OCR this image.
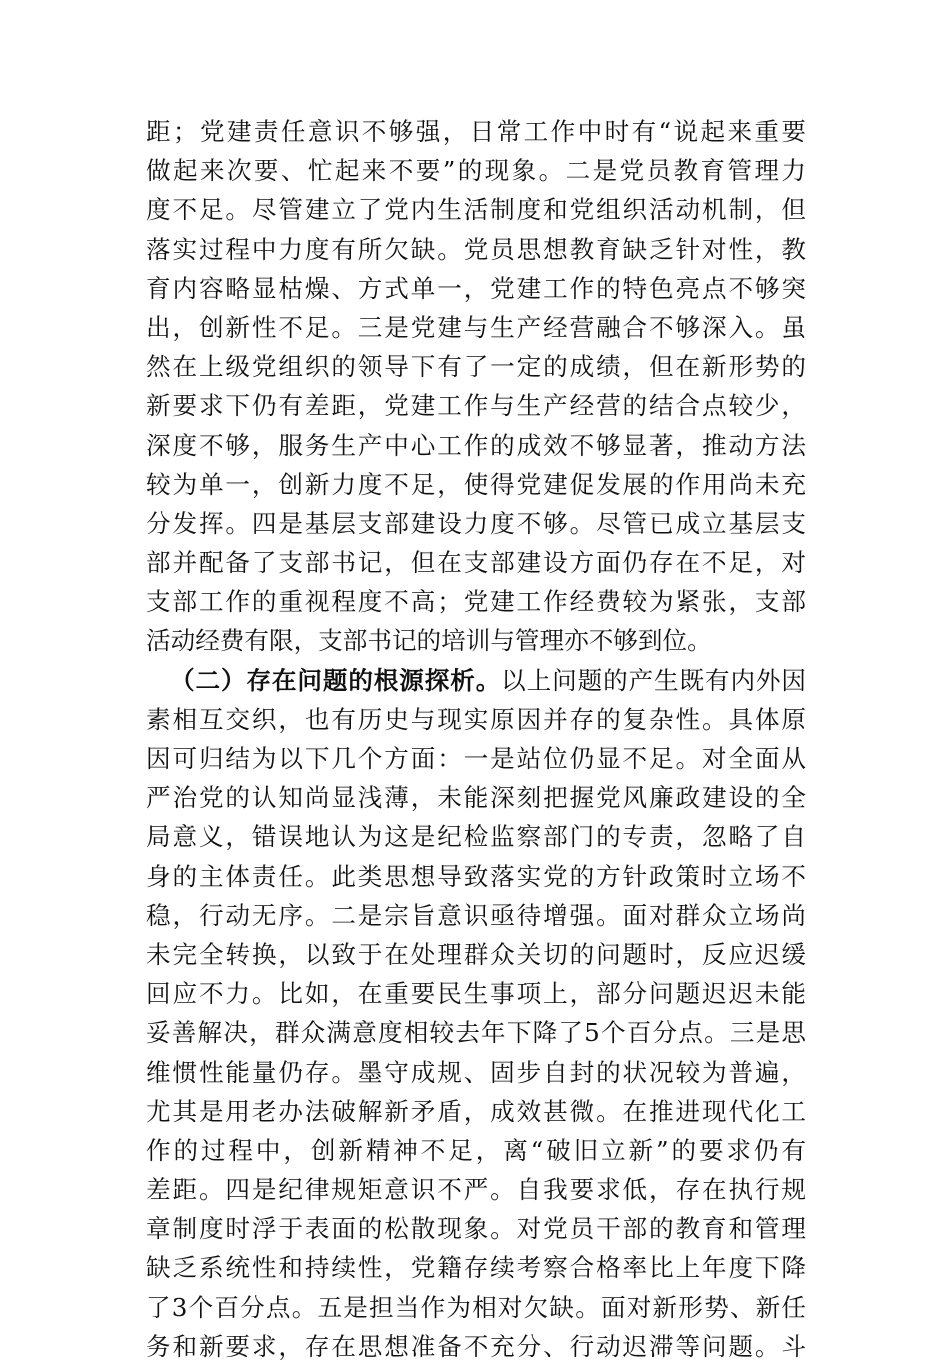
距；党建责任意识不够强，日常工作中时有“说起来重要
做起来次要、忙起来不要”的现象。二是党员教育管理力
度不足。尽管建立了党内生活制度和党组织活动机制，但
落实过程中力度有所欠缺。党员思想教育缺乏针对性，教
育内容略显枯燥、方式单一，党建工作的特色亮点不够突
出，创新性不足。三是党建与生产经营融合不够深入。虽
然在上级党组织的领导下有了一定的成绩，但在新形势的
新要求下仍有差距，党建工作与生产经营的结合点较少，
深度不够，服务生产中心工作的成效不够显著，推动方法
较为单一，创新力度不足，使得党建促发展的作用尚未充
分发挥。四是基层支部建设力度不够。尽管已成立基层支
部并配备了支部书记，但在支部建设方面仍存在不足，对
支部工作的重视程度不高；党建工作经费较为紧张，支部
活动经费有限，支部书记的培训与管理亦不够到位。
（二）存在问题的根源探析。以上问题的产生既有内外因
素相互交织，也有历史与现实原因并存的复杂性。具体原
因可归结为以下几个方面：一是站位仍显不足。对全面从
严治党的认知尚显浅薄，未能深刻把握党风廉政建设的全
局意义，错误地认为这是纪检监察部门的专责，忽略了自
身的主体责任。此类思想导致落实党的方针政策时立场不
稳，行动无序。二是宗旨意识亟待增强。面对群众立场尚
未完全转换，以致于在处理群众关切的问题时，反应迟缓
回应不力。比如，在重要民生事项上，部分问题迟迟未能
妥善解决，群众满意度相较去年下降了5个百分点。三是思
维惯性能量仍存。墨守成规、固步自封的状况较为普遍，
尤其是用老办法破解新矛盾，成效甚微。在推进现代化工
作的过程中，创新精神不足，离“破旧立新”的要求仍有
差距。四是纪律规矩意识不严。自我要求低，存在执行规
章制度时浮于表面的松散现象。对党员干部的教育和管理
缺乏系统性和持续性，党籍存续考察合格率比上年度下降
了3个百分点。五是担当作为相对欠缺。面对新形势、新任
务和新要求，存在思想准备不充分、行动迟滞等问题。斗
